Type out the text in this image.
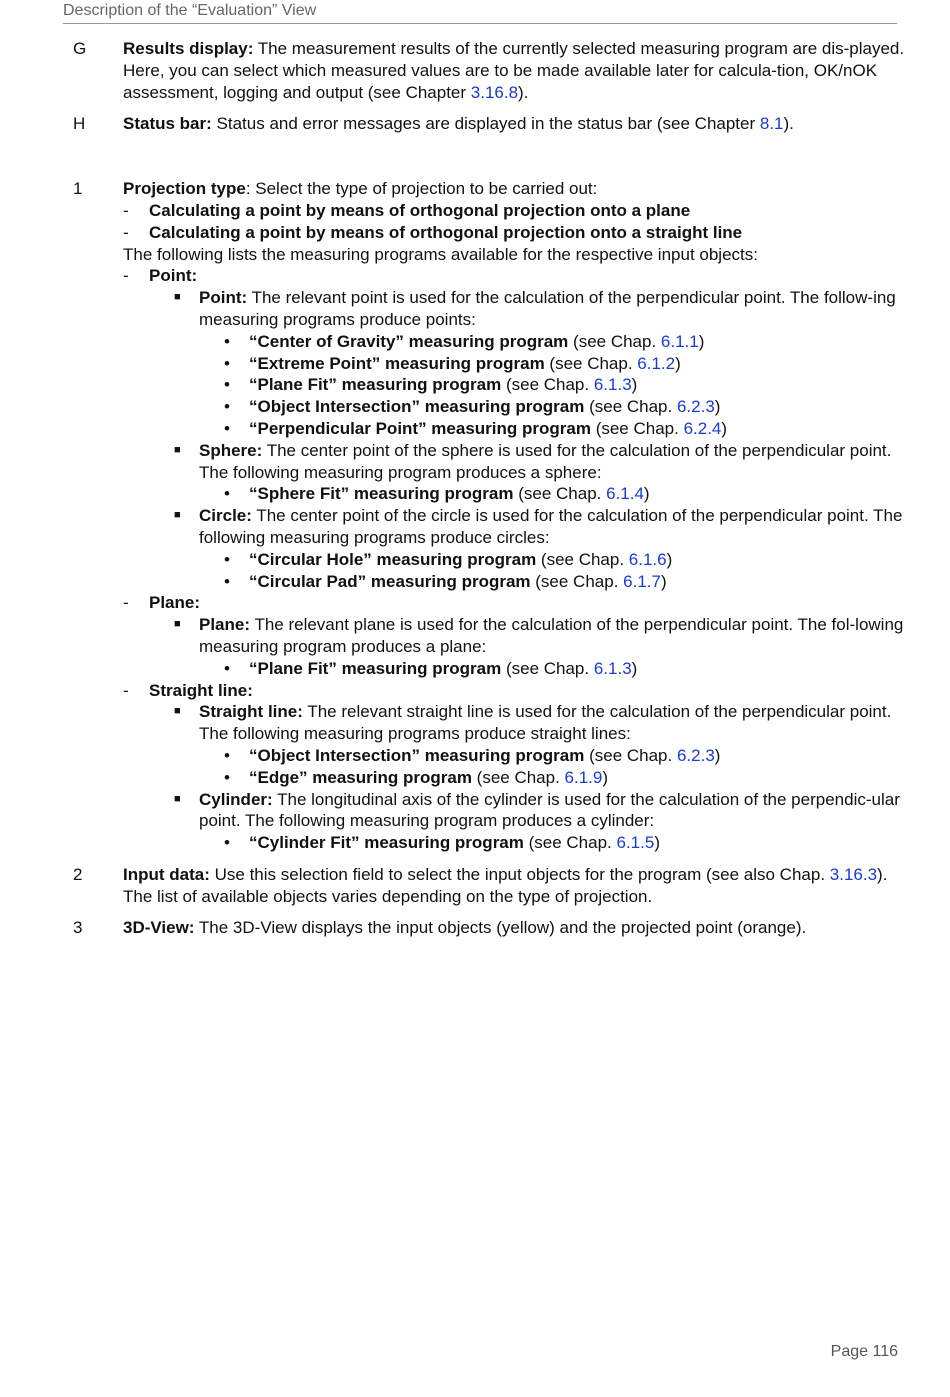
Description of the “Evaluation” View
G	Results display: The measurement results of the currently selected measuring program are dis-played. Here, you can select which measured values are to be made available later for calcula-tion, OK/nOK assessment, logging and output (see Chapter 3.16.8).
H	Status bar: Status and error messages are displayed in the status bar (see Chapter 8.1).
1	Projection type: Select the type of projection to be carried out:
-	Calculating a point by means of orthogonal projection onto a plane
-	Calculating a point by means of orthogonal projection onto a straight line
The following lists the measuring programs available for the respective input objects:
-	Point:
■	Point: The relevant point is used for the calculation of the perpendicular point. The follow-ing measuring programs produce points:
•	“Center of Gravity” measuring program (see Chap. 6.1.1)
•	“Extreme Point” measuring program (see Chap. 6.1.2)
•	“Plane Fit” measuring program (see Chap. 6.1.3)
•	“Object Intersection” measuring program (see Chap. 6.2.3)
•	“Perpendicular Point” measuring program (see Chap. 6.2.4)
■	Sphere: The center point of the sphere is used for the calculation of the perpendicular point. The following measuring program produces a sphere:
•	“Sphere Fit” measuring program (see Chap. 6.1.4)
■	Circle: The center point of the circle is used for the calculation of the perpendicular point. The following measuring programs produce circles:
•	“Circular Hole” measuring program (see Chap. 6.1.6)
•	“Circular Pad” measuring program (see Chap. 6.1.7)
-	Plane:
■	Plane: The relevant plane is used for the calculation of the perpendicular point. The fol-lowing measuring program produces a plane:
•	“Plane Fit” measuring program (see Chap. 6.1.3)
-	Straight line:
■	Straight line: The relevant straight line is used for the calculation of the perpendicular point. The following measuring programs produce straight lines:
•	“Object Intersection” measuring program (see Chap. 6.2.3)
•	“Edge” measuring program (see Chap. 6.1.9)
■	Cylinder: The longitudinal axis of the cylinder is used for the calculation of the perpendic-ular point. The following measuring program produces a cylinder:
•	“Cylinder Fit” measuring program (see Chap. 6.1.5)
2	Input data: Use this selection field to select the input objects for the program (see also Chap. 3.16.3). The list of available objects varies depending on the type of projection.
3	3D-View: The 3D-View displays the input objects (yellow) and the projected point (orange).
Page 116
